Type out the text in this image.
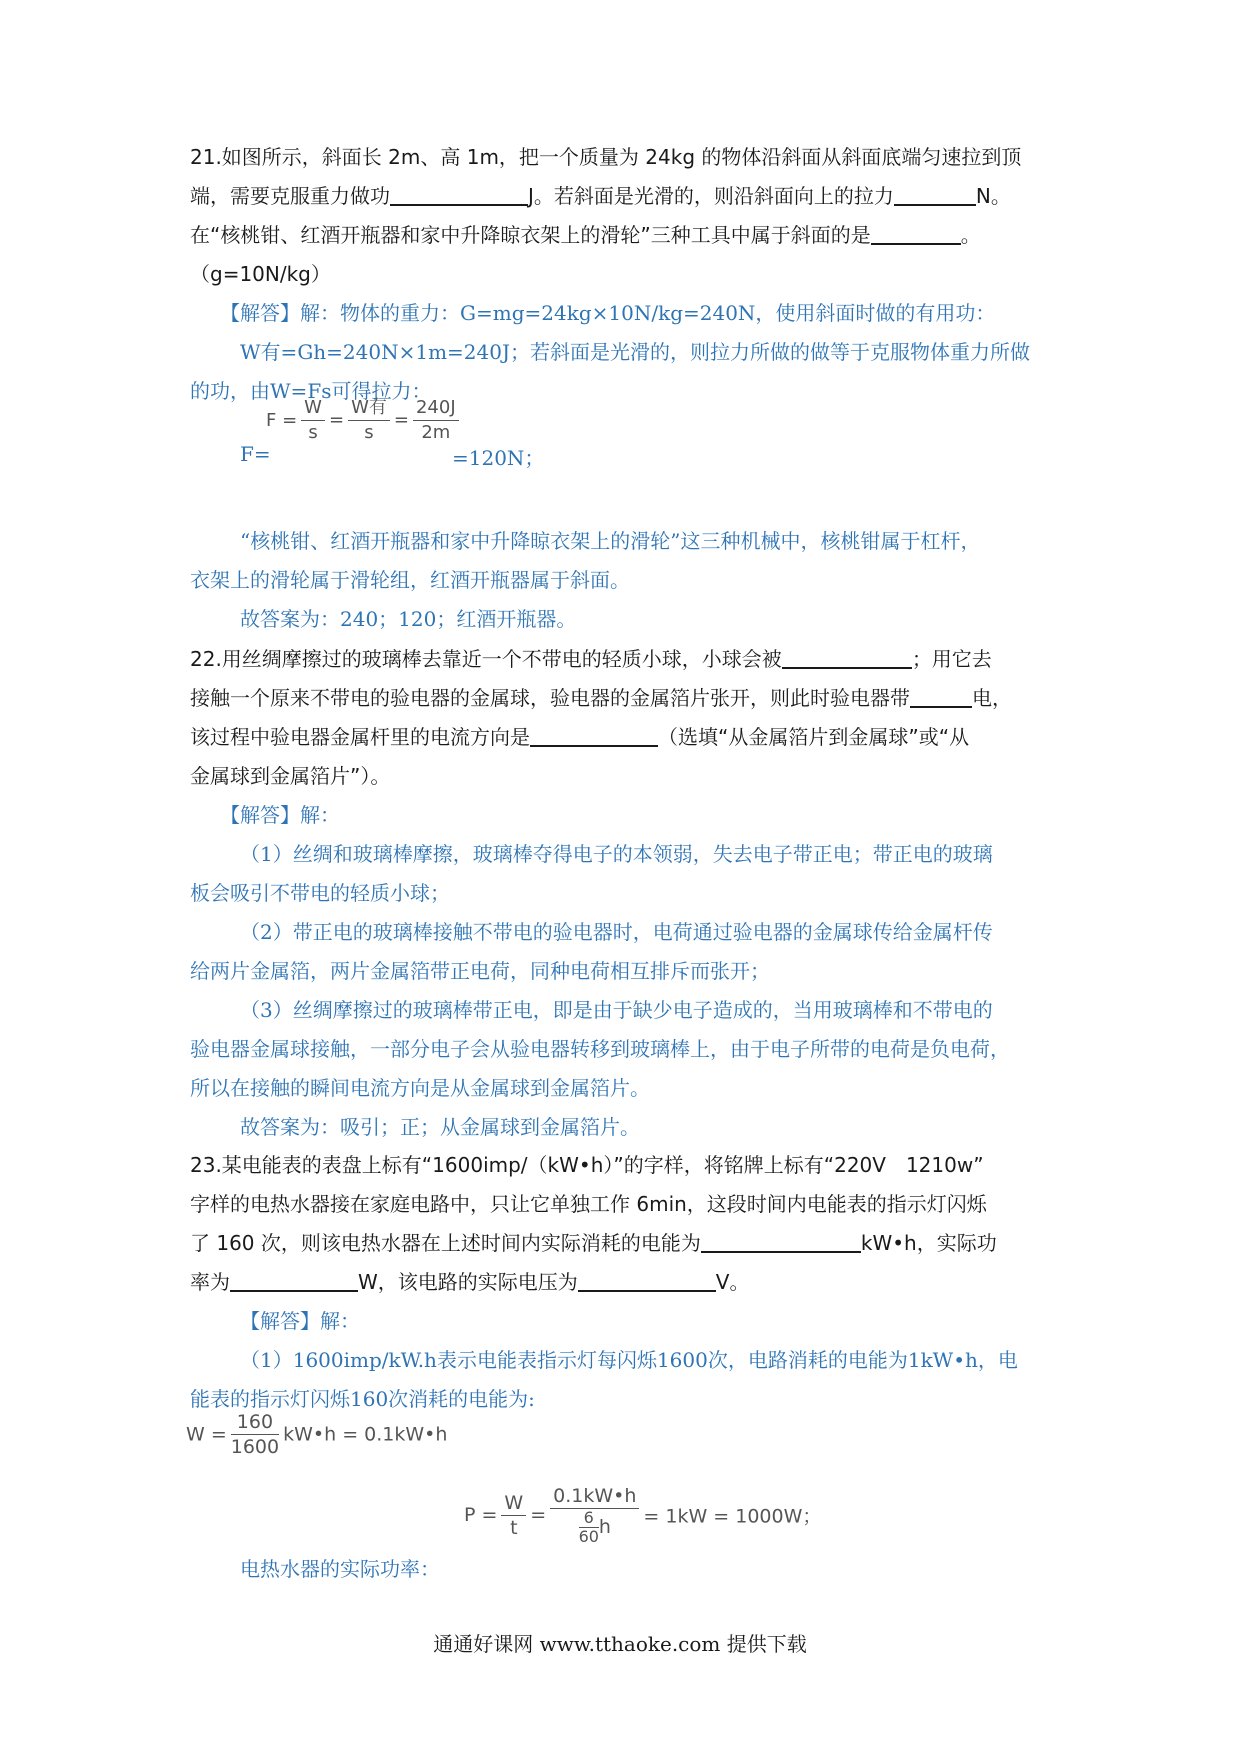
21.如图所示，斜面长 2m、高 1m，把一个质量为 24kg 的物体沿斜面从斜面底端匀速拉到顶
端，需要克服重力做功	J。若斜面是光滑的，则沿斜面向上的拉力	N。
在“核桃钳、红酒开瓶器和家中升降晾衣架上的滑轮”三种工具中属于斜面的是	。
（g=10N/kg）
【解答】解：物体的重力：G=mg=24kg×10N/kg=240N，使用斜面时做的有用功：
W有=Gh=240N×1m=240J；若斜面是光滑的，则拉力所做的做等于克服物体重力所做
的功，由W=Fs可得拉力：
F=
$F = \frac{W}{s} = \frac{\text{W有}}{s} = \frac{240J}{2m}$
=120N；
“核桃钳、红酒开瓶器和家中升降晾衣架上的滑轮”这三种机械中，核桃钳属于杠杆，
衣架上的滑轮属于滑轮组，红酒开瓶器属于斜面。
故答案为：240；120；红酒开瓶器。
22.用丝绸摩擦过的玻璃棒去靠近一个不带电的轻质小球，小球会被	；用它去
接触一个原来不带电的验电器的金属球，验电器的金属箔片张开，则此时验电器带	电，
该过程中验电器金属杆里的电流方向是	（选填“从金属箔片到金属球”或“从
金属球到金属箔片”）。
【解答】解：
（1）丝绸和玻璃棒摩擦，玻璃棒夺得电子的本领弱，失去电子带正电；带正电的玻璃
板会吸引不带电的轻质小球；
（2）带正电的玻璃棒接触不带电的验电器时，电荷通过验电器的金属球传给金属杆传
给两片金属箔，两片金属箔带正电荷，同种电荷相互排斥而张开；
（3）丝绸摩擦过的玻璃棒带正电，即是由于缺少电子造成的，当用玻璃棒和不带电的
验电器金属球接触，一部分电子会从验电器转移到玻璃棒上，由于电子所带的电荷是负电荷，
所以在接触的瞬间电流方向是从金属球到金属箔片。
故答案为：吸引；正；从金属球到金属箔片。
23.某电能表的表盘上标有“1600imp/（kW•h）”的字样，将铭牌上标有“220V　1210w”
字样的电热水器接在家庭电路中，只让它单独工作 6min，这段时间内电能表的指示灯闪烁
了 160 次，则该电热水器在上述时间内实际消耗的电能为	kW•h，实际功
率为	W，该电路的实际电压为	V。
【解答】解：
（1）1600imp/kW.h表示电能表指示灯每闪烁1600次，电路消耗的电能为1kW•h，电
能表的指示灯闪烁160次消耗的电能为:
$W = \frac{160}{1600}$ kW•h = 0.1kW•h
$P = \frac{W}{t} = \frac{0.1kW•h}{\frac{6}{60} h} = 1kW = 1000W$；
电热水器的实际功率：
通通好课网 www.tthaoke.com 提供下载
